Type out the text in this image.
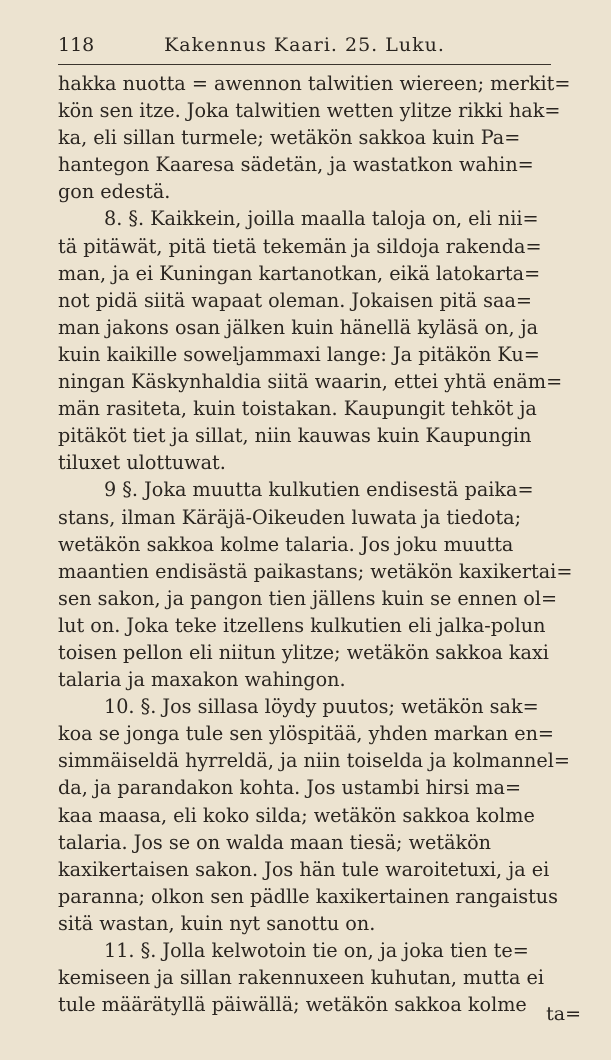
118	Kakennus Kaari. 25. Luku.
hakka nuotta = awennon talwitien wiereen; merkit=
kön sen itze. Joka talwitien wetten ylitze rikki hak=
ka, eli sillan turmele; wetäkön sakkoa kuin Pa=
hantegon Kaaresa sädetän, ja wastatkon wahin=
gon edestä.
8. §. Kaikkein, joilla maalla taloja on, eli nii=
tä pitäwät, pitä tietä tekemän ja sildoja rakenda=
man, ja ei Kuningan kartanotkan, eikä latokarta=
not pidä siitä wapaat oleman. Jokaisen pitä saa=
man jakons osan jälken kuin hänellä kyläsä on, ja
kuin kaikille soweljammaxi lange: Ja pitäkön Ku=
ningan Käskynhaldia siitä waarin, ettei yhtä enäm=
män rasiteta, kuin toistakan. Kaupungit tehköt ja
pitäköt tiet ja sillat, niin kauwas kuin Kaupungin
tiluxet ulottuwat.
9 §. Joka muutta kulkutien endisestä paika=
stans, ilman Käräjä-Oikeuden luwata ja tiedota;
wetäkön sakkoa kolme talaria. Jos joku muutta
maantien endisästä paikastans; wetäkön kaxikertai=
sen sakon, ja pangon tien jällens kuin se ennen ol=
lut on. Joka teke itzellens kulkutien eli jalka-polun
toisen pellon eli niitun ylitze; wetäkön sakkoa kaxi
talaria ja maxakon wahingon.
10. §. Jos sillasa löydy puutos; wetäkön sak=
koa se jonga tule sen ylöspitää, yhden markan en=
simmäiseldä hyrreldä, ja niin toiselda ja kolmannel=
da, ja parandakon kohta. Jos ustambi hirsi ma=
kaa maasa, eli koko silda; wetäkön sakkoa kolme
talaria. Jos se on walda maan tiesä; wetäkön
kaxikertaisen sakon. Jos hän tule waroitetuxi, ja ei
paranna; olkon sen pädlle kaxikertainen rangaistus
sitä wastan, kuin nyt sanottu on.
11. §. Jolla kelwotoin tie on, ja joka tien te=
kemiseen ja sillan rakennuxeen kuhutan, mutta ei
tule määrätyllä päiwällä; wetäkön sakkoa kolme	ta=
